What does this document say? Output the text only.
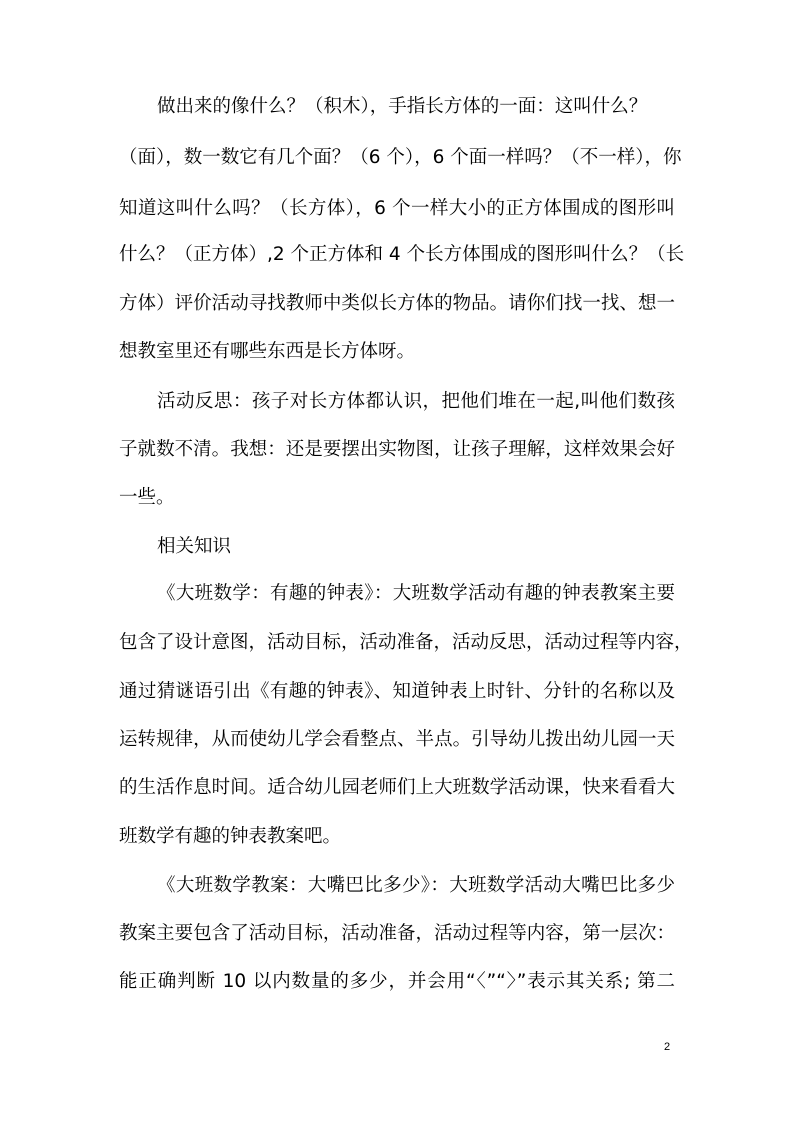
做出来的像什么？（积木），手指长方体的一面：这叫什么？
（面），数一数它有几个面？（6 个），6 个面一样吗？（不一样），你
知道这叫什么吗？（长方体），6 个一样大小的正方体围成的图形叫
什么？（正方体）,2 个正方体和 4 个长方体围成的图形叫什么？（长
方体）评价活动寻找教师中类似长方体的物品。请你们找一找、想一
想教室里还有哪些东西是长方体呀。
活动反思：孩子对长方体都认识，把他们堆在一起,叫他们数孩
子就数不清。我想：还是要摆出实物图，让孩子理解，这样效果会好
一些。
相关知识
《大班数学：有趣的钟表》：大班数学活动有趣的钟表教案主要
包含了设计意图，活动目标，活动准备，活动反思，活动过程等内容，
通过猜谜语引出《有趣的钟表》、知道钟表上时针、分针的名称以及
运转规律，从而使幼儿学会看整点、半点。引导幼儿拨出幼儿园一天
的生活作息时间。适合幼儿园老师们上大班数学活动课，快来看看大
班数学有趣的钟表教案吧。
《大班数学教案：大嘴巴比多少》：大班数学活动大嘴巴比多少
教案主要包含了活动目标，活动准备，活动过程等内容，第一层次：
能正确判断 10 以内数量的多少，并会用“〈”“〉”表示其关系; 第二
2
